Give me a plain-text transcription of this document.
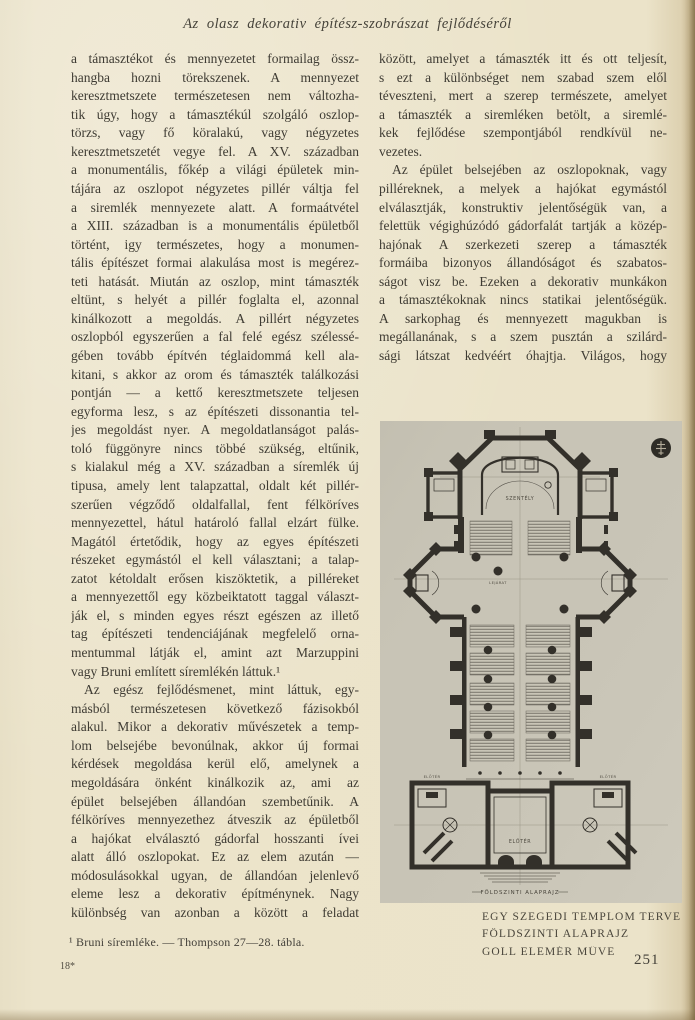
Az olasz dekorativ építész-szobrászat fejlődéséről
a támasztékot és mennyezetet formailag össz-
hangba hozni törekszenek. A mennyezet
keresztmetszete természetesen nem változha-
tik úgy, hogy a támasztékúl szolgáló oszlop-
törzs, vagy fő köralakú, vagy négyzetes
keresztmetszetét vegye fel. A XV. században
a monumentális, főkép a világi épületek min-
tájára az oszlopot négyzetes pillér váltja fel
a siremlék mennyezete alatt. A formaátvétel
a XIII. században is a monumentális épületből
történt, igy természetes, hogy a monumen-
tális építészet formai alakulása most is megérez-
teti hatását. Miután az oszlop, mint támaszték
eltünt, s helyét a pillér foglalta el, azonnal
kinálkozott a megoldás. A pillért négyzetes
oszlopból egyszerűen a fal felé egész szélessé-
gében tovább építvén téglaidommá kell ala-
kitani, s akkor az orom és támaszték találkozási
pontján — a kettő keresztmetszete teljesen
egyforma lesz, s az építészeti dissonantia tel-
jes megoldást nyer. A megoldatlanságot palás-
toló függönyre nincs többé szükség, eltűnik,
s kialakul még a XV. században a síremlék új
tipusa, amely lent talapzattal, oldalt két pillér-
szerűen végződő oldalfallal, fent félköríves
mennyezettel, hátul határoló fallal elzárt fülke.
Magától értetődik, hogy az egyes építészeti
részeket egymástól el kell választani; a talap-
zatot kétoldalt erősen kiszöktetik, a pilléreket
a mennyezettől egy közbeiktatott taggal választ-
ják el, s minden egyes részt egészen az illető
tag építészeti tendenciájának megfelelő orna-
mentummal látják el, amint azt Marzuppini
vagy Bruni említett síremlékén láttuk.¹
Az egész fejlődésmenet, mint láttuk, egy-
másból természetesen következő fázisokból
alakul. Mikor a dekorativ művészetek a temp-
lom belsejébe bevonúlnak, akkor új formai
kérdések megoldása kerül elő, amelynek a
megoldására önként kinálkozik az, ami az
épület belsejében állandóan szembetűnik. A
félköríves mennyezethez átveszik az épületből
a hajókat elválasztó gádorfal hosszanti ívei
alatt álló oszlopokat. Ez az elem azután —
módosulásokkal ugyan, de állandóan jelenlevő
eleme lesz a dekorativ építménynek. Nagy
különbség van azonban a között a feladat
között, amelyet a támaszték itt és ott teljesít,
s ezt a különbséget nem szabad szem elől
téveszteni, mert a szerep természete, amelyet
a támaszték a siremléken betölt, a siremlé-
kek fejlődése szempontjából rendkívül ne-
vezetes.
Az épület belsejében az oszlopoknak, vagy
pilléreknek, a melyek a hajókat egymástól
elválasztják, konstruktiv jelentőségük van, a
felettük végighúzódó gádorfalát tartják a közép-
hajónak A szerkezeti szerep a támaszték
formáiba bizonyos állandóságot és szabatos-
ságot visz be. Ezeken a dekorativ munkákon
a támasztékoknak nincs statikai jelentőségük.
A sarkophag és mennyezett magukban is
megállanának, s a szem pusztán a szilárd-
sági látszat kedvéért óhajtja. Világos, hogy
SZENTÉLY
LEJÁRAT
ELŐTÉR	ELŐTÉR
ELŐTÉR
FÖLDSZINTI ALAPRAJZ
EGY SZEGEDI TEMPLOM TERVE
FÖLDSZINTI ALAPRAJZ
GOLL ELEMÉR MŰVE
¹ Bruni síremléke. — Thompson 27—28. tábla.
18*	251
